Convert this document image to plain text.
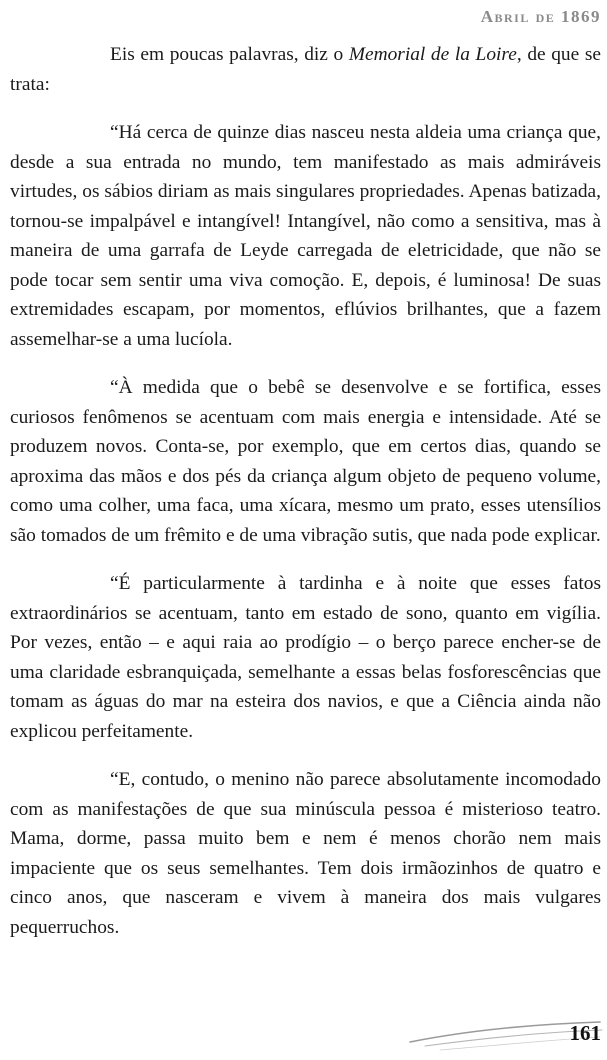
Abril de 1869

Eis em poucas palavras, diz o Memorial de la Loire, de que se trata:

“Há cerca de quinze dias nasceu nesta aldeia uma criança que, desde a sua entrada no mundo, tem manifestado as mais admiráveis virtudes, os sábios diriam as mais singulares propriedades. Apenas batizada, tornou-se impalpável e intangível! Intangível, não como a sensitiva, mas à maneira de uma garrafa de Leyde carregada de eletricidade, que não se pode tocar sem sentir uma viva comoção. E, depois, é luminosa! De suas extremidades escapam, por momentos, eflúvios brilhantes, que a fazem assemelhar-se a uma lucíola.

“À medida que o bebê se desenvolve e se fortifica, esses curiosos fenômenos se acentuam com mais energia e intensidade. Até se produzem novos. Conta-se, por exemplo, que em certos dias, quando se aproxima das mãos e dos pés da criança algum objeto de pequeno volume, como uma colher, uma faca, uma xícara, mesmo um prato, esses utensílios são tomados de um frêmito e de uma vibração sutis, que nada pode explicar.

“É particularmente à tardinha e à noite que esses fatos extraordinários se acentuam, tanto em estado de sono, quanto em vigília. Por vezes, então – e aqui raia ao prodígio – o berço parece encher-se de uma claridade esbranquiçada, semelhante a essas belas fosforescências que tomam as águas do mar na esteira dos navios, e que a Ciência ainda não explicou perfeitamente.

“E, contudo, o menino não parece absolutamente incomodado com as manifestações de que sua minúscula pessoa é misterioso teatro. Mama, dorme, passa muito bem e nem é menos chorão nem mais impaciente que os seus semelhantes. Tem dois irmãozinhos de quatro e cinco anos, que nasceram e vivem à maneira dos mais vulgares pequerruchos.

161
